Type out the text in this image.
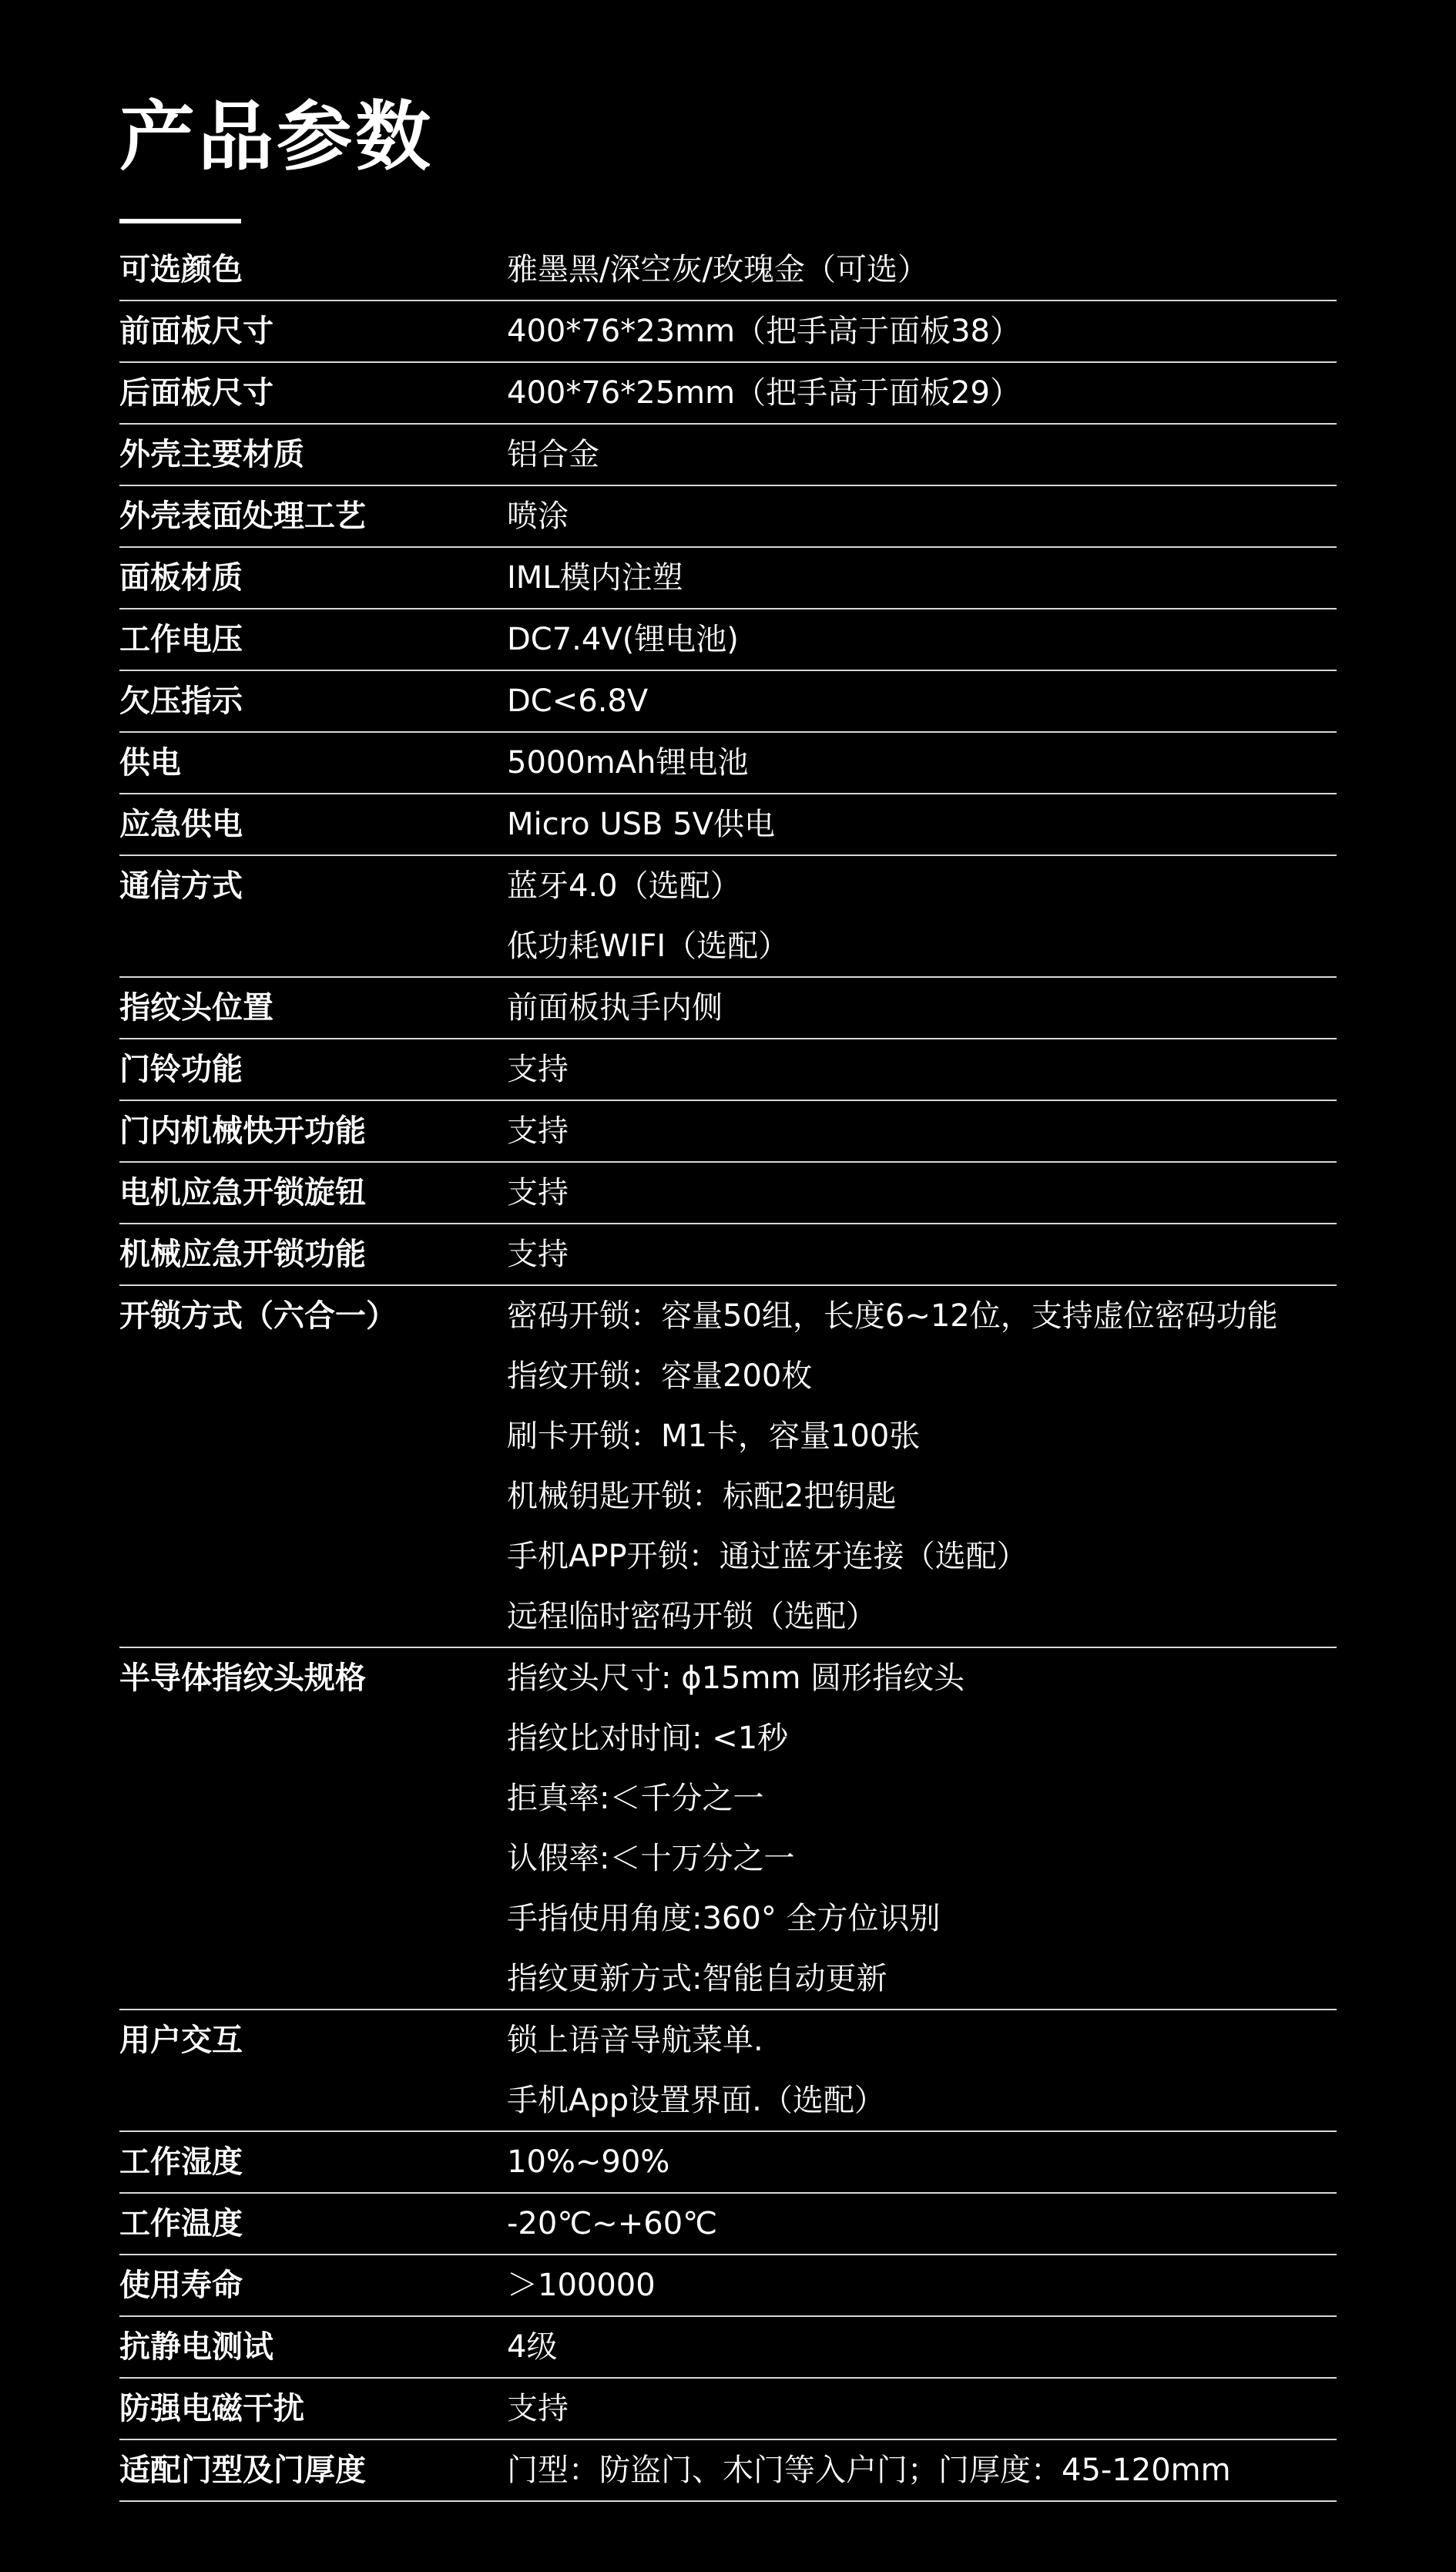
产品参数
可选颜色	雅墨黑/深空灰/玫瑰金（可选）
前面板尺寸	400*76*23mm（把手高于面板38）
后面板尺寸	400*76*25mm（把手高于面板29）
外壳主要材质	铝合金
外壳表面处理工艺	喷涂
面板材质	IML模内注塑
工作电压	DC7.4V(锂电池)
欠压指示	DC<6.8V
供电	5000mAh锂电池
应急供电	Micro USB 5V供电
通信方式	蓝牙4.0（选配）
低功耗WIFI（选配）
指纹头位置	前面板执手内侧
门铃功能	支持
门内机械快开功能	支持
电机应急开锁旋钮	支持
机械应急开锁功能	支持
开锁方式（六合一）	密码开锁：容量50组，长度6~12位，支持虚位密码功能
指纹开锁：容量200枚
刷卡开锁：M1卡，容量100张
机械钥匙开锁：标配2把钥匙
手机APP开锁：通过蓝牙连接（选配）
远程临时密码开锁（选配）
半导体指纹头规格	指纹头尺寸: ϕ15mm 圆形指纹头
指纹比对时间: <1秒
拒真率:＜千分之一
认假率:＜十万分之一
手指使用角度:360° 全方位识别
指纹更新方式:智能自动更新
用户交互	锁上语音导航菜单.
手机App设置界面.（选配）
工作湿度	10%~90%
工作温度	-20℃~+60℃
使用寿命	＞100000
抗静电测试	4级
防强电磁干扰	支持
适配门型及门厚度	门型：防盗门、木门等入户门；门厚度：45-120mm
